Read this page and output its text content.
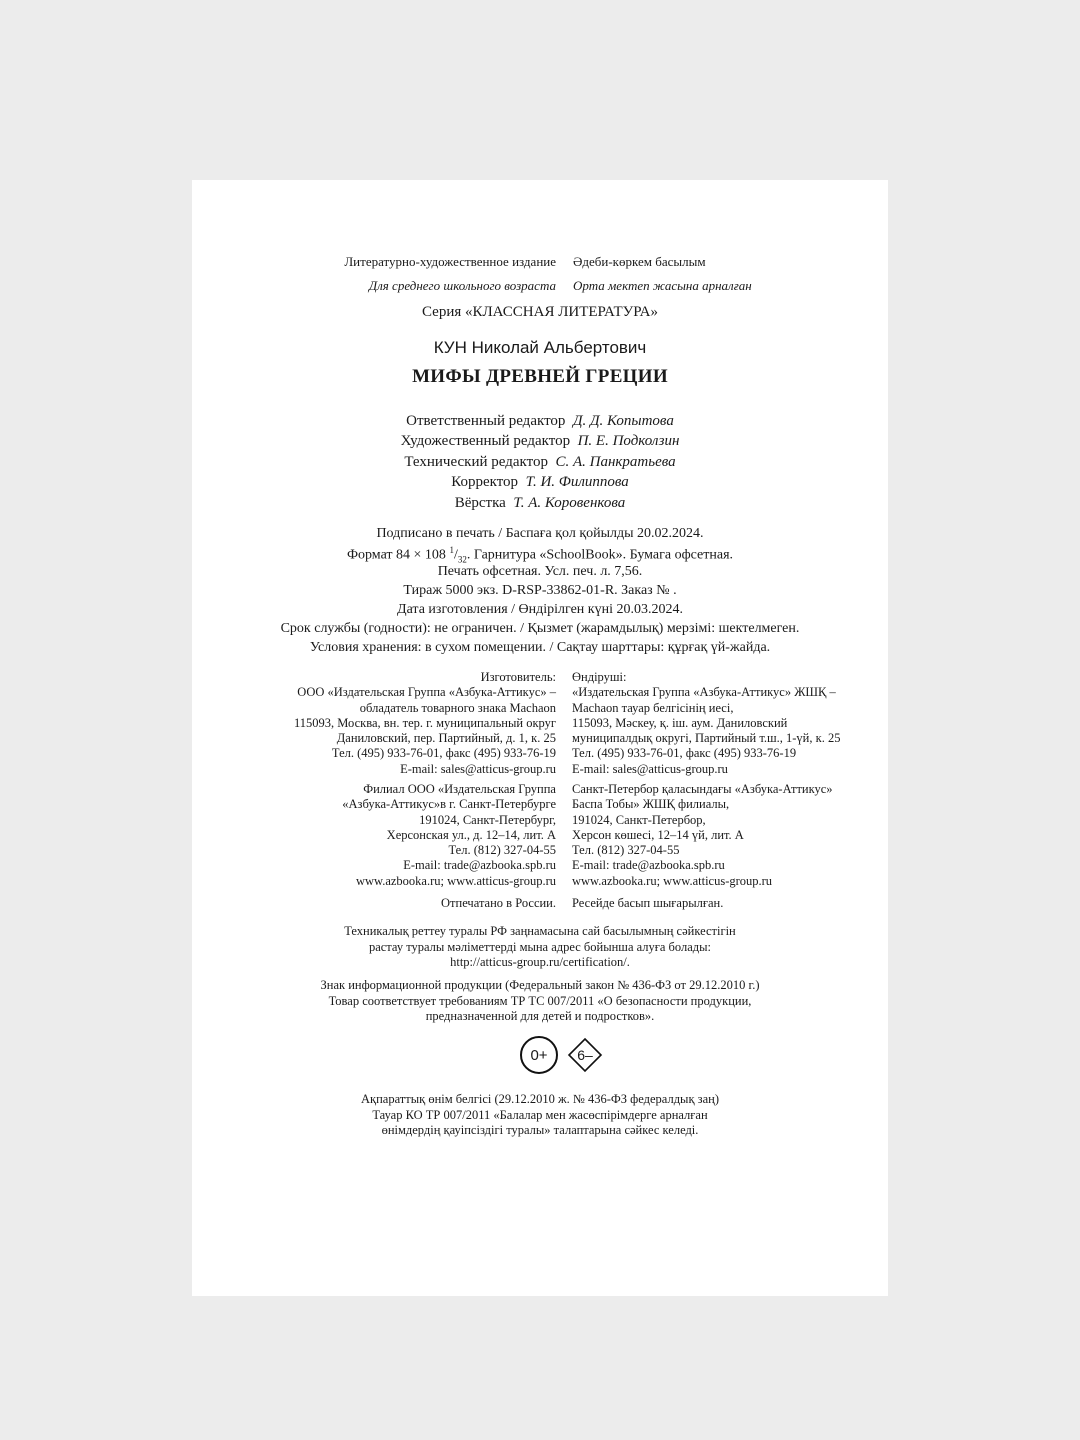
Литературно-художественное издание Әдеби-көркем басылым
Для среднего школьного возраста Орта мектеп жасына арналған
Серия «КЛАССНАЯ ЛИТЕРАТУРА»
КУН Николай Альбертович
МИФЫ ДРЕВНЕЙ ГРЕЦИИ
Ответственный редактор Д. Д. Копытова
Художественный редактор П. Е. Подколзин
Технический редактор С. А. Панкратьева
Корректор Т. И. Филиппова
Вёрстка Т. А. Коровенкова
Подписано в печать / Баспаға қол қойылды 20.02.2024.
Формат 84 × 108 $^1/_{32}$. Гарнитура «SchoolBook». Бумага офсетная.
Печать офсетная. Усл. печ. л. 7,56.
Тираж 5000 экз. D-RSP-33862-01-R. Заказ № .
Дата изготовления / Өндірілген күні 20.03.2024.
Срок службы (годности): не ограничен. / Қызмет (жарамдылық) мерзімі: шектелмеген.
Условия хранения: в сухом помещении. / Сақтау шарттары: құрғақ үй-жайда.
Изготовитель:
ООО «Издательская Группа «Азбука-Аттикус» –
обладатель товарного знака Machaon
115093, Москва, вн. тер. г. муниципальный округ
Даниловский, пер. Партийный, д. 1, к. 25
Тел. (495) 933-76-01, факс (495) 933-76-19
E-mail: sales@atticus-group.ru
Өндіруші:
«Издательская Группа «Азбука-Аттикус» ЖШҚ –
Machaon тауар белгісінің иесі,
115093, Мәскеу, қ. іш. аум. Даниловский
муниципалдық округі, Партийный т.ш., 1-үй, к. 25
Тел. (495) 933-76-01, факс (495) 933-76-19
E-mail: sales@atticus-group.ru
Филиал ООО «Издательская Группа
«Азбука-Аттикус»в г. Санкт-Петербурге
191024, Санкт-Петербург,
Херсонская ул., д. 12–14, лит. А
Тел. (812) 327-04-55
E-mail: trade@azbooka.spb.ru
www.azbooka.ru; www.atticus-group.ru
Санкт-Петербор қаласындағы «Азбука-Аттикус»
Баспа Тобы» ЖШҚ филиалы,
191024, Санкт-Петербор,
Херсон көшесі, 12–14 үй, лит. А
Тел. (812) 327-04-55
E-mail: trade@azbooka.spb.ru
www.azbooka.ru; www.atticus-group.ru
Отпечатано в России. Ресейде басып шығарылған.
Техникалық реттеу туралы РФ заңнамасына сай басылымның сәйкестігін
растау туралы мәліметтерді мына адрес бойынша алуға болады:
http://atticus-group.ru/certification/.
Знак информационной продукции (Федеральный закон № 436-ФЗ от 29.12.2010 г.)
Товар соответствует требованиям ТР ТС 007/2011 «О безопасности продукции,
предназначенной для детей и подростков».
0+	6–
Ақпараттық өнім белгісі (29.12.2010 ж. № 436-ФЗ федералдық заң)
Тауар КО ТР 007/2011 «Балалар мен жасөспірімдерге арналған
өнімдердің қауіпсіздігі туралы» талаптарына сәйкес келеді.
